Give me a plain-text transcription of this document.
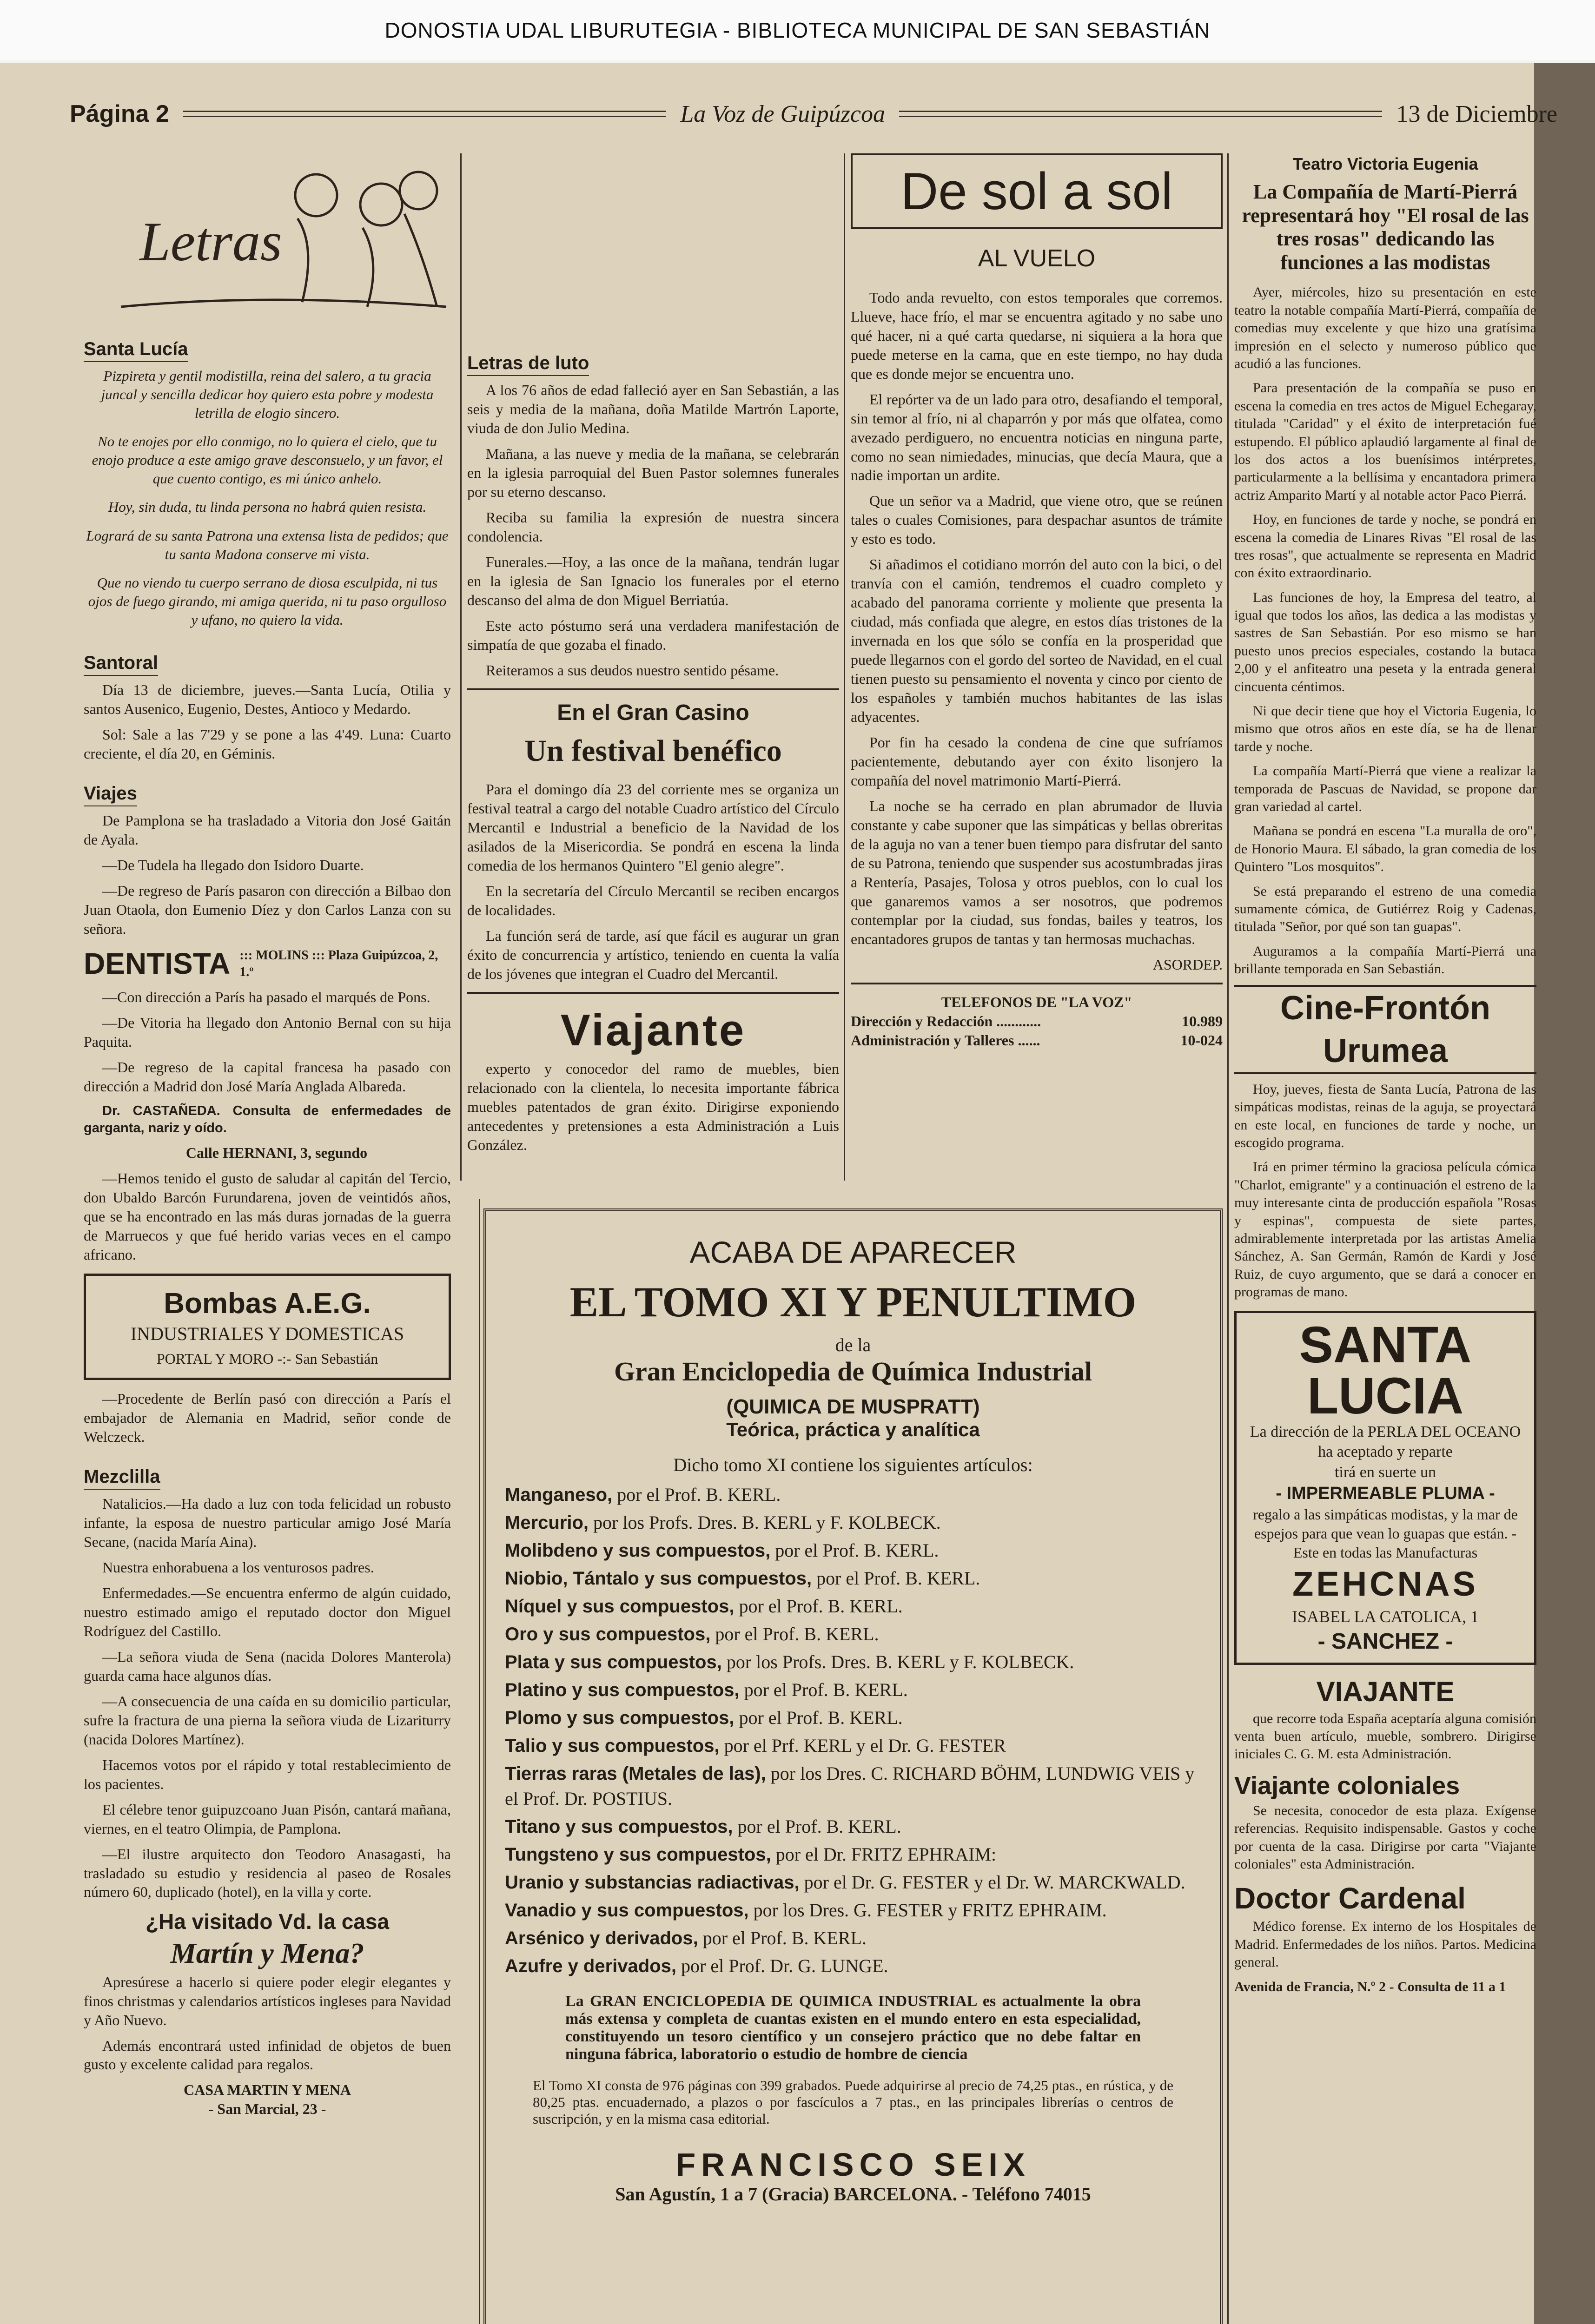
DONOSTIA UDAL LIBURUTEGIA - BIBLIOTECA MUNICIPAL DE SAN SEBASTIÁN
Página 2	La Voz de Guipúzcoa	13 de Diciembre
Letras
Santa Lucía

Pizpireta y gentil modistilla, reina del salero, a tu gracia juncal y sencilla dedicar hoy quiero esta pobre y modesta letrilla de elogio sincero.

No te enojes por ello conmigo, no lo quiera el cielo, que tu enojo produce a este amigo grave desconsuelo, y un favor, el que cuento contigo, es mi único anhelo.

Hoy, sin duda, tu linda persona no habrá quien resista.

Logrará de su santa Patrona una extensa lista de pedidos; que tu santa Madona conserve mi vista.

Que no viendo tu cuerpo serrano de diosa esculpida, ni tus ojos de fuego girando, mi amiga querida, ni tu paso orgulloso y ufano, no quiero la vida.

Santoral

Día 13 de diciembre, jueves.—Santa Lucía, Otilia y santos Ausenico, Eugenio, Destes, Antioco y Medardo.

Sol: Sale a las 7'29 y se pone a las 4'49. Luna: Cuarto creciente, el día 20, en Géminis.

Viajes

De Pamplona se ha trasladado a Vitoria don José Gaitán de Ayala.

—De Tudela ha llegado don Isidoro Duarte.

—De regreso de París pasaron con dirección a Bilbao don Juan Otaola, don Eumenio Díez y don Carlos Lanza con su señora.

DENTISTA ::: MOLINS ::: Plaza Guipúzcoa, 2, 1.º

—Con dirección a París ha pasado el marqués de Pons.

—De Vitoria ha llegado don Antonio Bernal con su hija Paquita.

—De regreso de la capital francesa ha pasado con dirección a Madrid don José María Anglada Albareda.

Dr. CASTAÑEDA. Consulta de enfermedades de garganta, nariz y oído.

Calle HERNANI, 3, segundo

—Hemos tenido el gusto de saludar al capitán del Tercio, don Ubaldo Barcón Furundarena, joven de veintidós años, que se ha encontrado en las más duras jornadas de la guerra de Marruecos y que fué herido varias veces en el campo africano.

Bombas A.E.G.
INDUSTRIALES Y DOMESTICAS
PORTAL Y MORO -:- San Sebastián

—Procedente de Berlín pasó con dirección a París el embajador de Alemania en Madrid, señor conde de Welczeck.

Mezclilla

Natalicios.—Ha dado a luz con toda felicidad un robusto infante, la esposa de nuestro particular amigo José María Secane, (nacida María Aina).

Nuestra enhorabuena a los venturosos padres.

Enfermedades.—Se encuentra enfermo de algún cuidado, nuestro estimado amigo el reputado doctor don Miguel Rodríguez del Castillo.

—La señora viuda de Sena (nacida Dolores Manterola) guarda cama hace algunos días.

—A consecuencia de una caída en su domicilio particular, sufre la fractura de una pierna la señora viuda de Lizariturry (nacida Dolores Martínez).

Hacemos votos por el rápido y total restablecimiento de los pacientes.

El célebre tenor guipuzcoano Juan Pisón, cantará mañana, viernes, en el teatro Olimpia, de Pamplona.

—El ilustre arquitecto don Teodoro Anasagasti, ha trasladado su estudio y residencia al paseo de Rosales número 60, duplicado (hotel), en la villa y corte.

¿Ha visitado Vd. la casa
Martín y Mena?

Apresúrese a hacerlo si quiere poder elegir elegantes y finos christmas y calendarios artísticos ingleses para Navidad y Año Nuevo.

Además encontrará usted infinidad de objetos de buen gusto y excelente calidad para regalos.

CASA MARTIN Y MENA
- San Marcial, 23 -
Letras de luto

A los 76 años de edad falleció ayer en San Sebastián, a las seis y media de la mañana, doña Matilde Martrón Laporte, viuda de don Julio Medina.

Mañana, a las nueve y media de la mañana, se celebrarán en la iglesia parroquial del Buen Pastor solemnes funerales por su eterno descanso.

Reciba su familia la expresión de nuestra sincera condolencia.

Funerales.—Hoy, a las once de la mañana, tendrán lugar en la iglesia de San Ignacio los funerales por el eterno descanso del alma de don Miguel Berriatúa.

Este acto póstumo será una verdadera manifestación de simpatía de que gozaba el finado.

Reiteramos a sus deudos nuestro sentido pésame.

En el Gran Casino
Un festival benéfico

Para el domingo día 23 del corriente mes se organiza un festival teatral a cargo del notable Cuadro artístico del Círculo Mercantil e Industrial a beneficio de la Navidad de los asilados de la Misericordia. Se pondrá en escena la linda comedia de los hermanos Quintero "El genio alegre".

En la secretaría del Círculo Mercantil se reciben encargos de localidades.

La función será de tarde, así que fácil es augurar un gran éxito de concurrencia y artístico, teniendo en cuenta la valía de los jóvenes que integran el Cuadro del Mercantil.

Viajante

experto y conocedor del ramo de muebles, bien relacionado con la clientela, lo necesita importante fábrica muebles patentados de gran éxito. Dirigirse exponiendo antecedentes y pretensiones a esta Administración a Luis González.

De sol a sol
AL VUELO

Todo anda revuelto, con estos temporales que corremos. Llueve, hace frío, el mar se encuentra agitado y no sabe uno qué hacer, ni a qué carta quedarse, ni siquiera a la hora que puede meterse en la cama, que en este tiempo, no hay duda que es donde mejor se encuentra uno.

El repórter va de un lado para otro, desafiando el temporal, sin temor al frío, ni al chaparrón y por más que olfatea, como avezado perdiguero, no encuentra noticias en ninguna parte, como no sean nimiedades, minucias, que decía Maura, que a nadie importan un ardite.

Que un señor va a Madrid, que viene otro, que se reúnen tales o cuales Comisiones, para despachar asuntos de trámite y esto es todo.

Si añadimos el cotidiano morrón del auto con la bici, o del tranvía con el camión, tendremos el cuadro completo y acabado del panorama corriente y moliente que presenta la ciudad, más confiada que alegre, en estos días tristones de la invernada en los que sólo se confía en la prosperidad que puede llegarnos con el gordo del sorteo de Navidad, en el cual tienen puesto su pensamiento el noventa y cinco por ciento de los españoles y también muchos habitantes de las islas adyacentes.

Por fin ha cesado la condena de cine que sufríamos pacientemente, debutando ayer con éxito lisonjero la compañía del novel matrimonio Martí-Pierrá.

La noche se ha cerrado en plan abrumador de lluvia constante y cabe suponer que las simpáticas y bellas obreritas de la aguja no van a tener buen tiempo para disfrutar del santo de su Patrona, teniendo que suspender sus acostumbradas jiras a Rentería, Pasajes, Tolosa y otros pueblos, con lo cual los que ganaremos vamos a ser nosotros, que podremos contemplar por la ciudad, sus fondas, bailes y teatros, los encantadores grupos de tantas y tan hermosas muchachas.

ASORDEP.
TELEFONOS DE "LA VOZ"
Dirección y Redacción ............	10.989
Administración y Talleres ......	10-024
Teatro Victoria Eugenia
La Compañía de Martí-Pierrá representará hoy "El rosal de las tres rosas" dedicando las funciones a las modistas

Ayer, miércoles, hizo su presentación en este teatro la notable compañía Martí-Pierrá, compañía de comedias muy excelente y que hizo una gratísima impresión en el selecto y numeroso público que acudió a las funciones.

Para presentación de la compañía se puso en escena la comedia en tres actos de Miguel Echegaray, titulada "Caridad" y el éxito de interpretación fué estupendo. El público aplaudió largamente al final de los dos actos a los buenísimos intérpretes, particularmente a la bellísima y encantadora primera actriz Amparito Martí y al notable actor Paco Pierrá.

Hoy, en funciones de tarde y noche, se pondrá en escena la comedia de Linares Rivas "El rosal de las tres rosas", que actualmente se representa en Madrid con éxito extraordinario.

Las funciones de hoy, la Empresa del teatro, al igual que todos los años, las dedica a las modistas y sastres de San Sebastián. Por eso mismo se han puesto unos precios especiales, costando la butaca 2,00 y el anfiteatro una peseta y la entrada general cincuenta céntimos.

Ni que decir tiene que hoy el Victoria Eugenia, lo mismo que otros años en este día, se ha de llenar tarde y noche.

La compañía Martí-Pierrá que viene a realizar la temporada de Pascuas de Navidad, se propone dar gran variedad al cartel.

Mañana se pondrá en escena "La muralla de oro", de Honorio Maura. El sábado, la gran comedia de los Quintero "Los mosquitos".

Se está preparando el estreno de una comedia sumamente cómica, de Gutiérrez Roig y Cadenas, titulada "Señor, por qué son tan guapas".

Auguramos a la compañía Martí-Pierrá una brillante temporada en San Sebastián.

Cine-Frontón Urumea

Hoy, jueves, fiesta de Santa Lucía, Patrona de las simpáticas modistas, reinas de la aguja, se proyectará en este local, en funciones de tarde y noche, un escogido programa.

Irá en primer término la graciosa película cómica "Charlot, emigrante" y a continuación el estreno de la muy interesante cinta de producción española "Rosas y espinas", compuesta de siete partes, admirablemente interpretada por las artistas Amelia Sánchez, A. San Germán, Ramón de Kardi y José Ruiz, de cuyo argumento, que se dará a conocer en programas de mano.

SANTA LUCIA
La dirección de la PERLA DEL OCEANO ha aceptado y reparte
tirá en suerte un
- IMPERMEABLE PLUMA -
regalo a las simpáticas modistas, y la mar de espejos para que vean lo guapas que están. - Este en todas las Manufacturas
ZEHCNAS
ISABEL LA CATOLICA, 1
- SANCHEZ -
VIAJANTE

que recorre toda España aceptaría alguna comisión venta buen artículo, mueble, sombrero. Dirigirse iniciales C. G. M. esta Administración.

Viajante coloniales

Se necesita, conocedor de esta plaza. Exígense referencias. Requisito indispensable. Gastos y coche por cuenta de la casa. Dirigirse por carta "Viajante coloniales" esta Administración.

Doctor Cardenal

Médico forense. Ex interno de los Hospitales de Madrid. Enfermedades de los niños. Partos. Medicina general.

Avenida de Francia, N.º 2 - Consulta de 11 a 1
ACABA DE APARECER
EL TOMO XI Y PENULTIMO
de la
Gran Enciclopedia de Química Industrial
(QUIMICA DE MUSPRATT)
Teórica, práctica y analítica
Dicho tomo XI contiene los siguientes artículos:
Manganeso, por el Prof. B. KERL.
Mercurio, por los Profs. Dres. B. KERL y F. KOLBECK.
Molibdeno y sus compuestos, por el Prof. B. KERL.
Niobio, Tántalo y sus compuestos, por el Prof. B. KERL.
Níquel y sus compuestos, por el Prof. B. KERL.
Oro y sus compuestos, por el Prof. B. KERL.
Plata y sus compuestos, por los Profs. Dres. B. KERL y F. KOLBECK.
Platino y sus compuestos, por el Prof. B. KERL.
Plomo y sus compuestos, por el Prof. B. KERL.
Talio y sus compuestos, por el Prf. KERL y el Dr. G. FESTER
Tierras raras (Metales de las), por los Dres. C. RICHARD BÖHM, LUNDWIG VEIS y el Prof. Dr. POSTIUS.
Titano y sus compuestos, por el Prof. B. KERL.
Tungsteno y sus compuestos, por el Dr. FRITZ EPHRAIM:
Uranio y substancias radiactivas, por el Dr. G. FESTER y el Dr. W. MARCKWALD.
Vanadio y sus compuestos, por los Dres. G. FESTER y FRITZ EPHRAIM.
Arsénico y derivados, por el Prof. B. KERL.
Azufre y derivados, por el Prof. Dr. G. LUNGE.
La GRAN ENCICLOPEDIA DE QUIMICA INDUSTRIAL es actualmente la obra más extensa y completa de cuantas existen en el mundo entero en esta especialidad, constituyendo un tesoro científico y un consejero práctico que no debe faltar en ninguna fábrica, laboratorio o estudio de hombre de ciencia
El Tomo XI consta de 976 páginas con 399 grabados. Puede adquirirse al precio de 74,25 ptas., en rústica, y de 80,25 ptas. encuadernado, a plazos o por fascículos a 7 ptas., en las principales librerías o centros de suscripción, y en la misma casa editorial.
FRANCISCO SEIX
San Agustín, 1 a 7 (Gracia) BARCELONA. - Teléfono 74015
